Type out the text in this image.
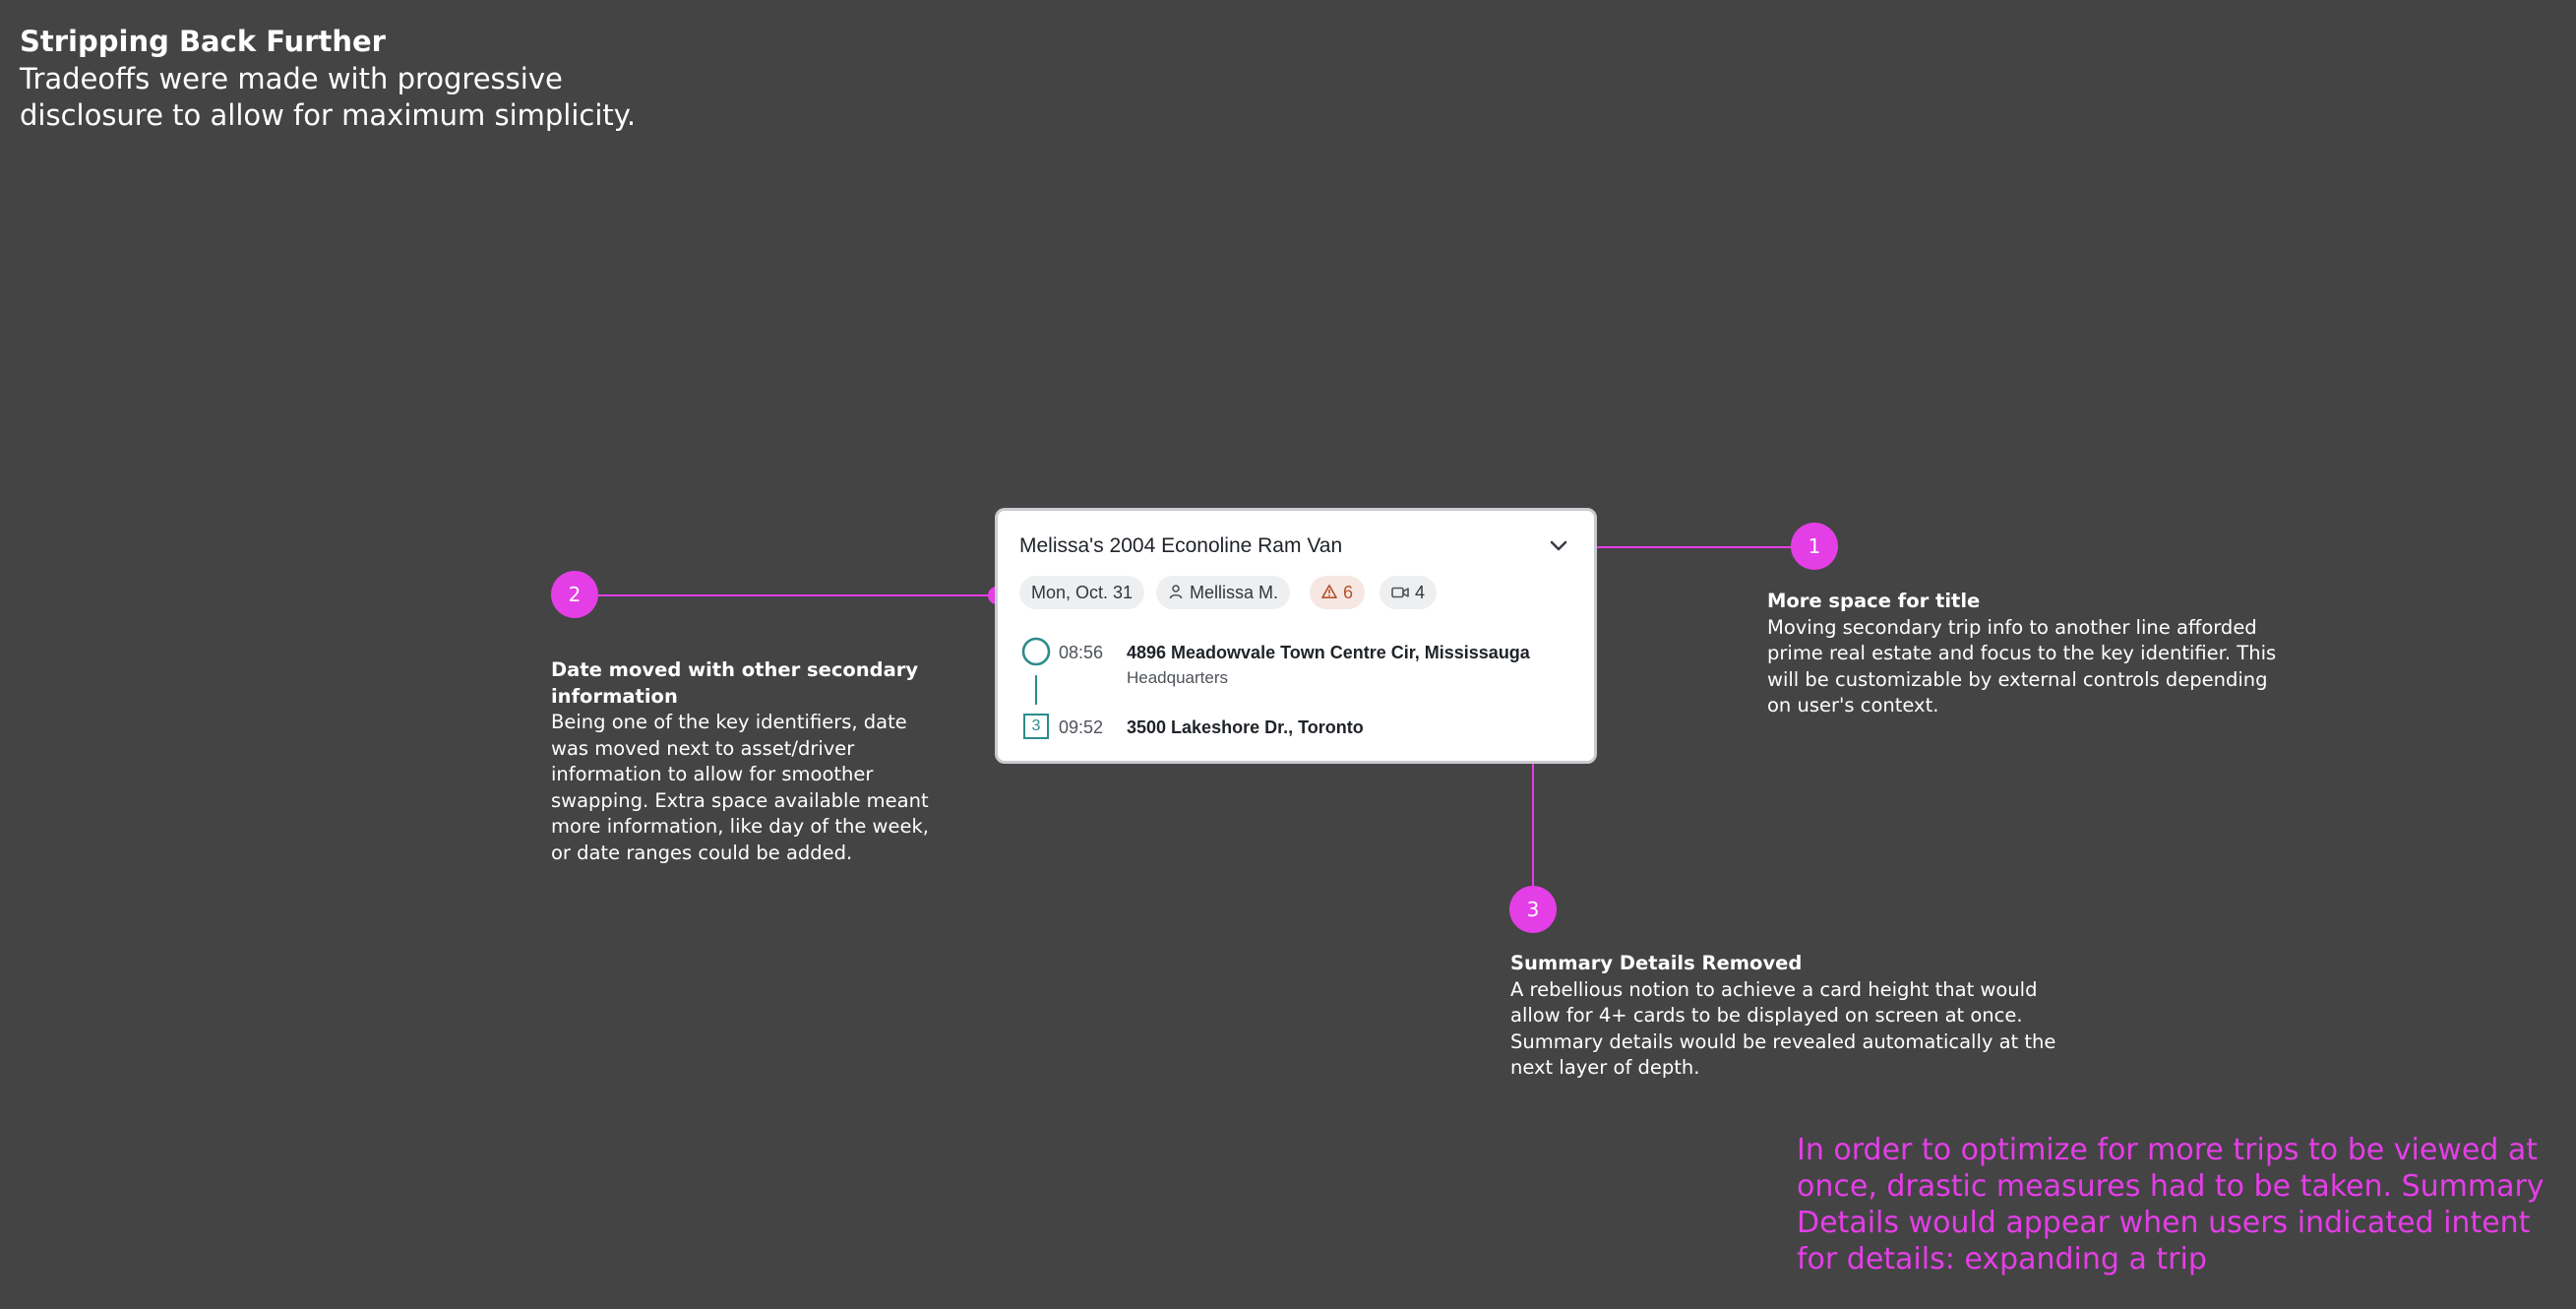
Stripping Back Further
Tradeoffs were made with progressive
disclosure to allow for maximum simplicity.
1
2
3
Melissa's 2004 Econoline Ram Van
Mon, Oct. 31	Mellissa M.	6	4
08:56 4896 Meadowvale Town Centre Cir, Mississauga
Headquarters
3	09:52 3500 Lakeshore Dr., Toronto
More space for title
Moving secondary trip info to another line afforded
prime real estate and focus to the key identifier. This
will be customizable by external controls depending
on user's context.
Date moved with other secondary
information
Being one of the key identifiers, date
was moved next to asset/driver
information to allow for smoother
swapping. Extra space available meant
more information, like day of the week,
or date ranges could be added.
Summary Details Removed
A rebellious notion to achieve a card height that would
allow for 4+ cards to be displayed on screen at once.
Summary details would be revealed automatically at the
next layer of depth.
In order to optimize for more trips to be viewed at
once, drastic measures had to be taken. Summary
Details would appear when users indicated intent
for details: expanding a trip
